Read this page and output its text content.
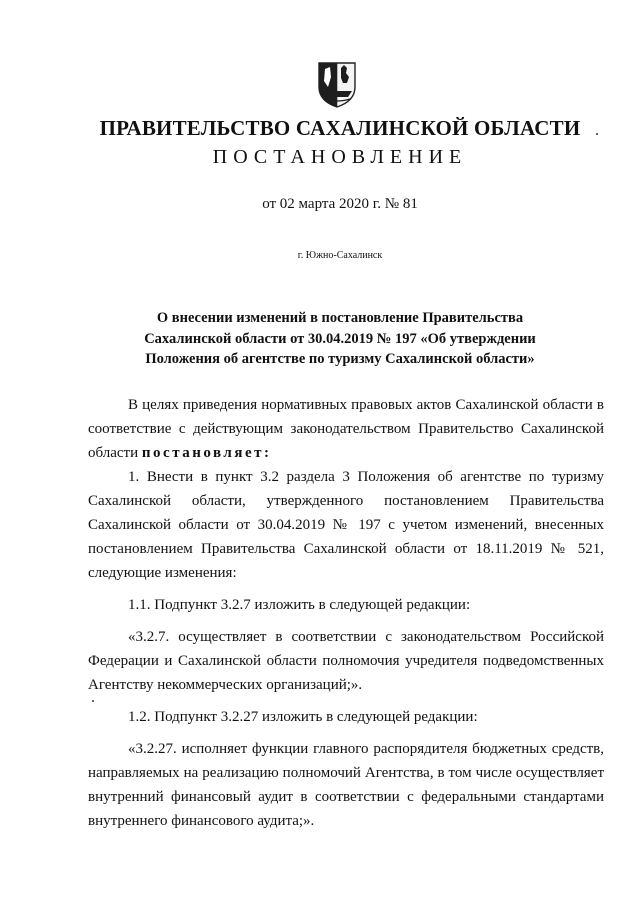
ПРАВИТЕЛЬСТВО САХАЛИНСКОЙ ОБЛАСТИ
ПОСТАНОВЛЕНИЕ
от 02 марта 2020 г. № 81
г. Южно-Сахалинск
О внесении изменений в постановление Правительства
Сахалинской области от 30.04.2019 № 197 «Об утверждении
Положения об агентстве по туризму Сахалинской области»

В целях приведения нормативных правовых актов Сахалинской области в соответствие с действующим законодательством Правительство Сахалинской области постановляет:

1. Внести в пункт 3.2 раздела 3 Положения об агентстве по туризму Сахалинской области, утвержденного постановлением Правительства Сахалинской области от 30.04.2019 № 197 с учетом изменений, внесенных постановлением Правительства Сахалинской области от 18.11.2019 № 521, следующие изменения:

1.1. Подпункт 3.2.7 изложить в следующей редакции:

«3.2.7. осуществляет в соответствии с законодательством Российской Федерации и Сахалинской области полномочия учредителя подведомственных Агентству некоммерческих организаций;».

1.2. Подпункт 3.2.27 изложить в следующей редакции:

«3.2.27. исполняет функции главного распорядителя бюджетных средств, направляемых на реализацию полномочий Агентства, в том числе осуществляет внутренний финансовый аудит в соответствии с федеральными стандартами внутреннего финансового аудита;».
